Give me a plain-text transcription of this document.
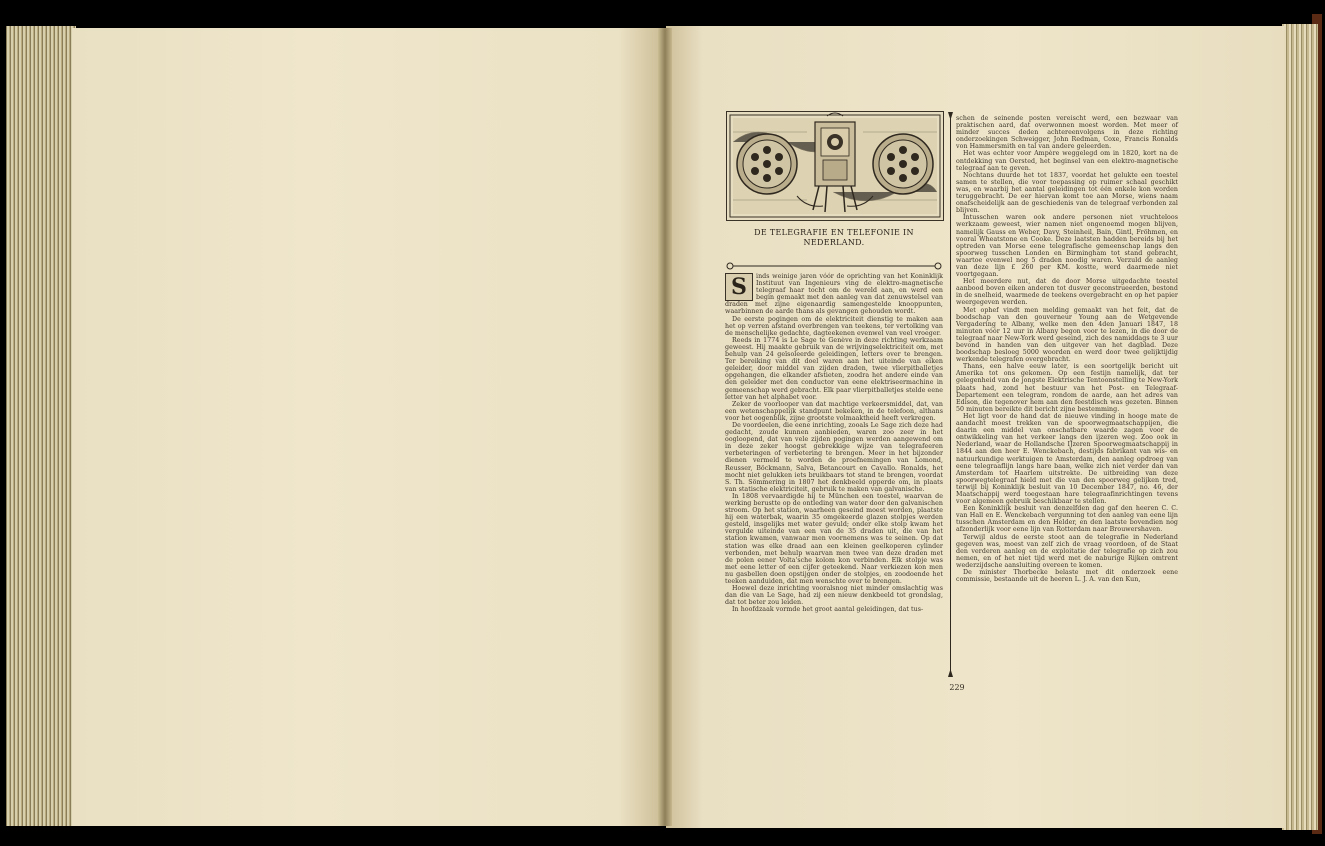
DE TELEGRAFIE EN TELEFONIE IN NEDERLAND.
S	inds weinige jaren vóór de oprichting van het Koninklijk Instituut van Ingenieurs ving de elektro-magnetische telegraaf haar tocht om de wereld aan, en werd een begin gemaakt met den aanleg van dat zenuwstelsel van draden met zijne eigenaardig samengestelde knooppunten, waarbinnen de aarde thans als gevangen gehouden wordt.

De eerste pogingen om de elektriciteit dienstig te maken aan het op verren afstand overbrengen van teekens, ter vertolking van de menschelijke gedachte, dagteekenen evenwel van veel vroeger.

Reeds in 1774 is Le Sage te Genève in deze richting werkzaam geweest. Hij maakte gebruik van de wrijvingselektriciteit om, met behulp van 24 geïsoleerde geleidingen, letters over te brengen. Ter bereiking van dit doel waren aan het uiteinde van eiken geleider, door middel van zijden draden, twee vlierpitballetjes opgehangen, die elkander afstieten, zoodra het andere einde van den geleider met den conductor van eene elektriseermachine in gemeenschap werd gebracht. Elk paar vlierpitballetjes stelde eene letter van het alphabet voor.

Zeker de voorlooper van dat machtige verkeersmiddel, dat, van een wetenschappelijk standpunt bekeken, in de telefoon, althans voor het oogenblik, zijne grootste volmaaktheid heeft verkregen.

De voordeelen, die eene inrichting, zooals Le Sage zich deze had gedacht, zoude kunnen aanbieden, waren zoo zeer in het oogloopend, dat van vele zijden pogingen werden aangewend om in deze zeker hoogst gebrekkige wijze van telegrafeeren verbeteringen of verbetering te brengen. Meer in het bijzonder dienen vermeld te worden de proefnemingen van Lomond, Reusser, Böckmann, Salva, Betancourt en Cavallo. Ronalds, het mocht niet gelukken iets bruikbaars tot stand te brengen, voordat S. Th. Sömmering in 1807 het denkbeeld opperde om, in plaats van statische elektriciteit, gebruik te maken van galvanische.

In 1808 vervaardigde hij te München een toestel, waarvan de werking berustte op de ontleding van water door den galvanischen stroom. Op het station, waarheen geseind moest worden, plaatste hij een waterbak, waarin 35 omgekeerde glazen stolpjes werden gesteld, insgelijks met water gevuld; onder elke stolp kwam het vergulde uiteinde van een van de 35 draden uit, die van het station kwamen, vanwaar men voornemens was te seinen. Op dat station was elke draad aan een kleinen geelkoperen cylinder verbonden, met behulp waarvan men twee van deze draden met de polen eener Volta'sche kolom kon verbinden. Elk stolpje was met eene letter of een cijfer geteekend. Naar verkiezen kon men nu gasbellen doen opstijgen onder de stolpjes, en zoodoende het teeken aanduiden, dat men wenschte over te brengen.

Hoewel deze inrichting vooralsnog niet minder omslachtig was dan die van Le Sage, had zij een nieuw denkbeeld tot grondslag, dat tot beter zou leiden.

In hoofdzaak vormde het groot aantal geleidingen, dat tus-

schen de seinende posten vereischt werd, een bezwaar van praktischen aard, dat overwonnen moest worden. Met meer of minder succes deden achtereenvolgens in deze richting onderzoekingen Schweigger, John Redman, Coxe, Francis Ronalds von Hammersmith en tal van andere geleerden.

Het was echter voor Ampère weggelegd om in 1820, kort na de ontdekking van Oersted, het beginsel van een elektro-magnetische telegraaf aan te geven.

Nochtans duurde het tot 1837, voordat het gelukte een toestel samen te stellen, die voor toepassing op ruimer schaal geschikt was, en waarbij het aantal geleidingen tot één enkele kon worden teruggebracht. De eer hiervan komt toe aan Morse, wiens naam onafscheidelijk aan de geschiedenis van de telegraaf verbonden zal blijven.

Intusschen waren ook andere personen niet vruchteloos werkzaam geweest, wier namen niet ongenoemd mogen blijven, namelijk Gauss en Weber, Davy, Steinheil, Bain, Gintl, Fröhmen, en vooral Wheatstone en Cooke. Deze laatsten hadden bereids bij het optreden van Morse eene telegrafische gemeenschap langs den spoorweg tusschen Londen en Birmingham tot stand gebracht, waartoe evenwel nog 5 draden noodig waren. Verzuld de aanleg van deze lijn £ 260 per KM. kostte, werd daarmede niet voortgegaan.

Het meerdere nut, dat de door Morse uitgedachte toestel aanbood boven eiken anderen tot dusver geconstrueerden, bestond in de snelheid, waarmede de teekens overgebracht en op het papier weergegeven werden.

Met ophef vindt men melding gemaakt van het feit, dat de boodschap van den gouverneur Young aan de Wetgevende Vergadering te Albany, welke men den 4den Januari 1847, 18 minuten vóór 12 uur in Albany begon voor te lezen, in die door de telegraaf naar New-York werd geseind, zich des namiddags te 3 uur bevond in handen van den uitgever van het dagblad. Deze boodschap besloeg 5000 woorden en werd door twee gelijktijdig werkende telegrafen overgebracht.

Thans, een halve eeuw later, is een soortgelijk bericht uit Amerika tot ons gekomen. Op een festijn namelijk, dat ter gelegenheid van de jongste Elektrische Tentoonstelling te New-York plaats had, zond het bestuur van het Post- en Telegraaf-Departement een telegram, rondom de aarde, aan het adres van Edison, die tegenover hem aan den feestdisch was gezeten. Binnen 50 minuten bereikte dit bericht zijne bestemming.

Het ligt voor de hand dat de nieuwe vinding in hooge mate de aandacht moest trekken van de spoorwegmaatschappijen, die daarin een middel van onschatbare waarde zagen voor de ontwikkeling van het verkeer langs den ijzeren weg. Zoo ook in Nederland, waar de Hollandsche IJzeren Spoorwegmaatschappij in 1844 aan den heer E. Wenckebach, destijds fabrikant van wis- en natuurkundige werktuigen te Amsterdam, den aanleg opdroeg van eene telegraaflijn langs hare baan, welke zich niet verder dan van Amsterdam tot Haarlem uitstrekte. De uitbreiding van deze spoorwegtelegraaf hield met die van den spoorweg gelijken tred, terwijl bij Koninklijk besluit van 10 December 1847, no. 46, der Maatschappij werd toegestaan hare telegraafinrichtingen tevens voor algemeen gebruik beschikbaar te stellen.

Een Koninklijk besluit van denzelfden dag gaf den heeren C. C. van Hall en E. Wenckebach vergunning tot den aanleg van eene lijn tusschen Amsterdam en den Helder, en den laatste bovendien nog afzonderlijk voor eene lijn van Rotterdam naar Brouwershaven.

Terwijl aldus de eerste stoot aan de telegrafie in Nederland gegeven was, moest van zelf zich de vraag voordoen, of de Staat den verderen aanleg en de exploitatie der telegrafie op zich zou nemen, en of het niet tijd werd met de naburige Rijken omtrent wederzijdsche aansluiting overeen te komen.

De minister Thorbecke belaste met dit onderzoek eene commissie, bestaande uit de heeren L. J. A. van den Kun,

229
